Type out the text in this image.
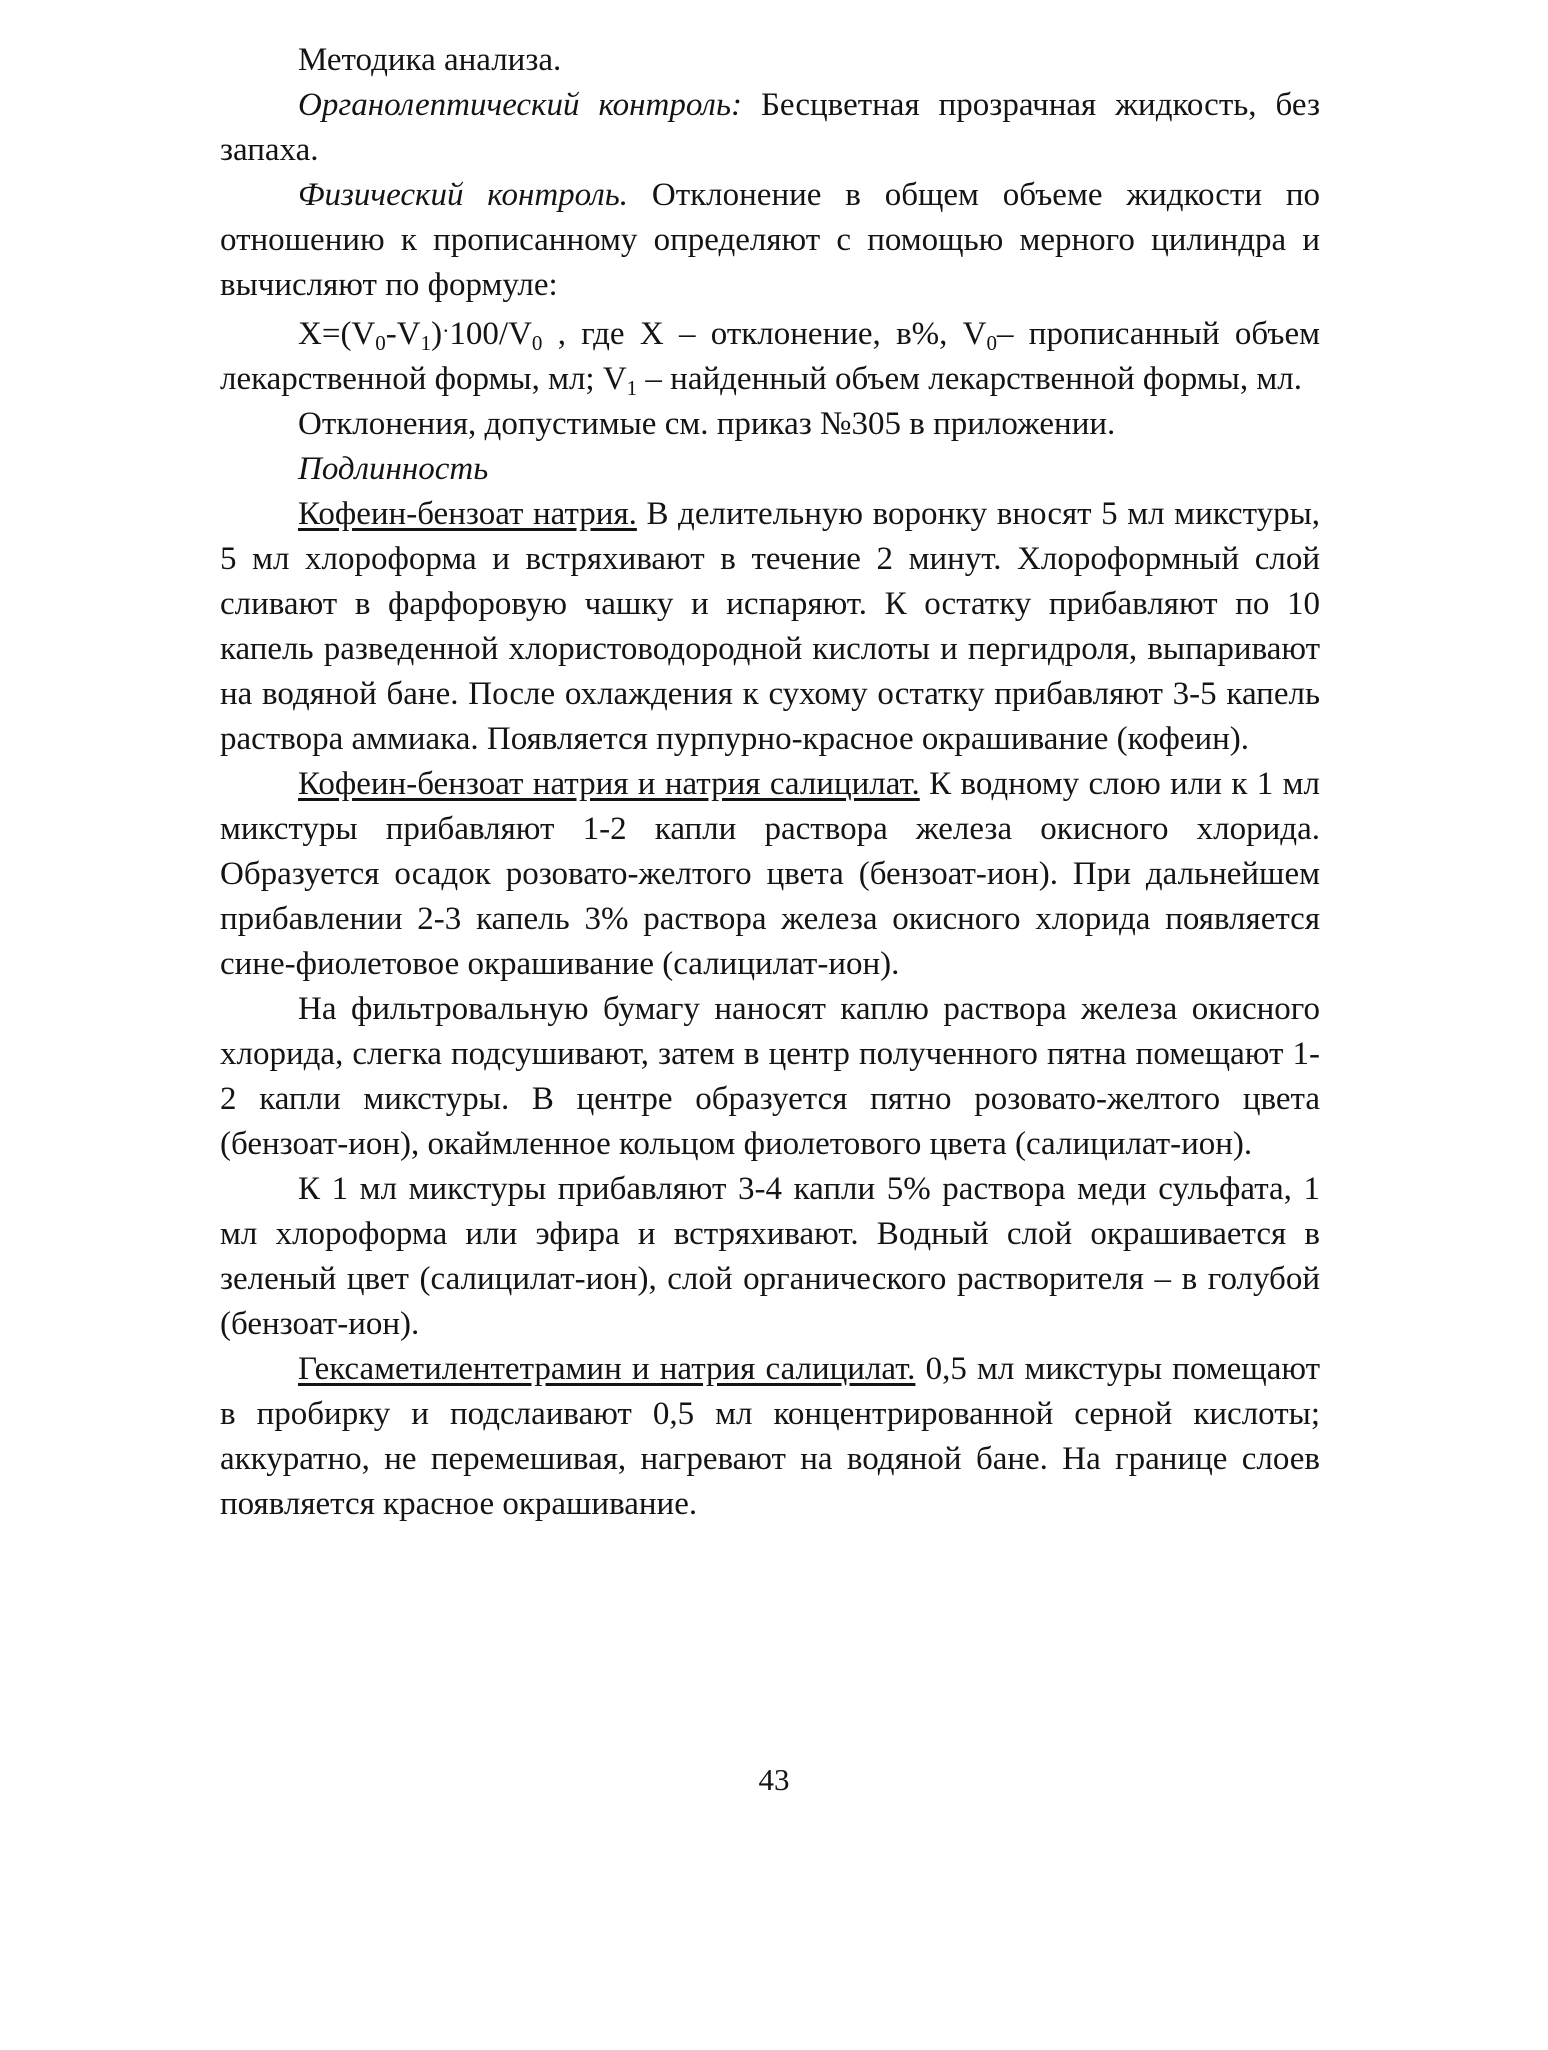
Методика анализа.

Органолептический контроль: Бесцветная прозрачная жидкость, без запаха.

Физический контроль. Отклонение в общем объеме жидкости по отношению к прописанному определяют с помощью мерного цилиндра и вычисляют по формуле:

$X=(V_0-V_1)\cdot 100/V_0$ , где X – отклонение, в%, $V_0-$ прописанный объем лекарственной формы, мл; $V_1$ – найденный объем лекарственной формы, мл.

Отклонения, допустимые см. приказ №305 в приложении.

Подлинность

Кофеин-бензоат натрия. В делительную воронку вносят 5 мл микстуры, 5 мл хлороформа и встряхивают в течение 2 минут. Хлороформный слой сливают в фарфоровую чашку и испаряют. К остатку прибавляют по 10 капель разведенной хлористоводородной кислоты и пергидроля, выпаривают на водяной бане. После охлаждения к сухому остатку прибавляют 3-5 капель раствора аммиака. Появляется пурпурно-красное окрашивание (кофеин).

Кофеин-бензоат натрия и натрия салицилат. К водному слою или к 1 мл микстуры прибавляют 1-2 капли раствора железа окисного хлорида. Образуется осадок розовато-желтого цвета (бензоат-ион). При дальнейшем прибавлении 2-3 капель 3% раствора железа окисного хлорида появляется сине-фиолетовое окрашивание (салицилат-ион).

На фильтровальную бумагу наносят каплю раствора железа окисного хлорида, слегка подсушивают, затем в центр полученного пятна помещают 1-2 капли микстуры. В центре образуется пятно розовато-желтого цвета (бензоат-ион), окаймленное кольцом фиолетового цвета (салицилат-ион).

К 1 мл микстуры прибавляют 3-4 капли 5% раствора меди сульфата, 1 мл хлороформа или эфира и встряхивают. Водный слой окрашивается в зеленый цвет (салицилат-ион), слой органического растворителя – в голубой (бензоат-ион).

Гексаметилентетрамин и натрия салицилат. 0,5 мл микстуры помещают в пробирку и подслаивают 0,5 мл концентрированной серной кислоты; аккуратно, не перемешивая, нагревают на водяной бане. На границе слоев появляется красное окрашивание.

43
